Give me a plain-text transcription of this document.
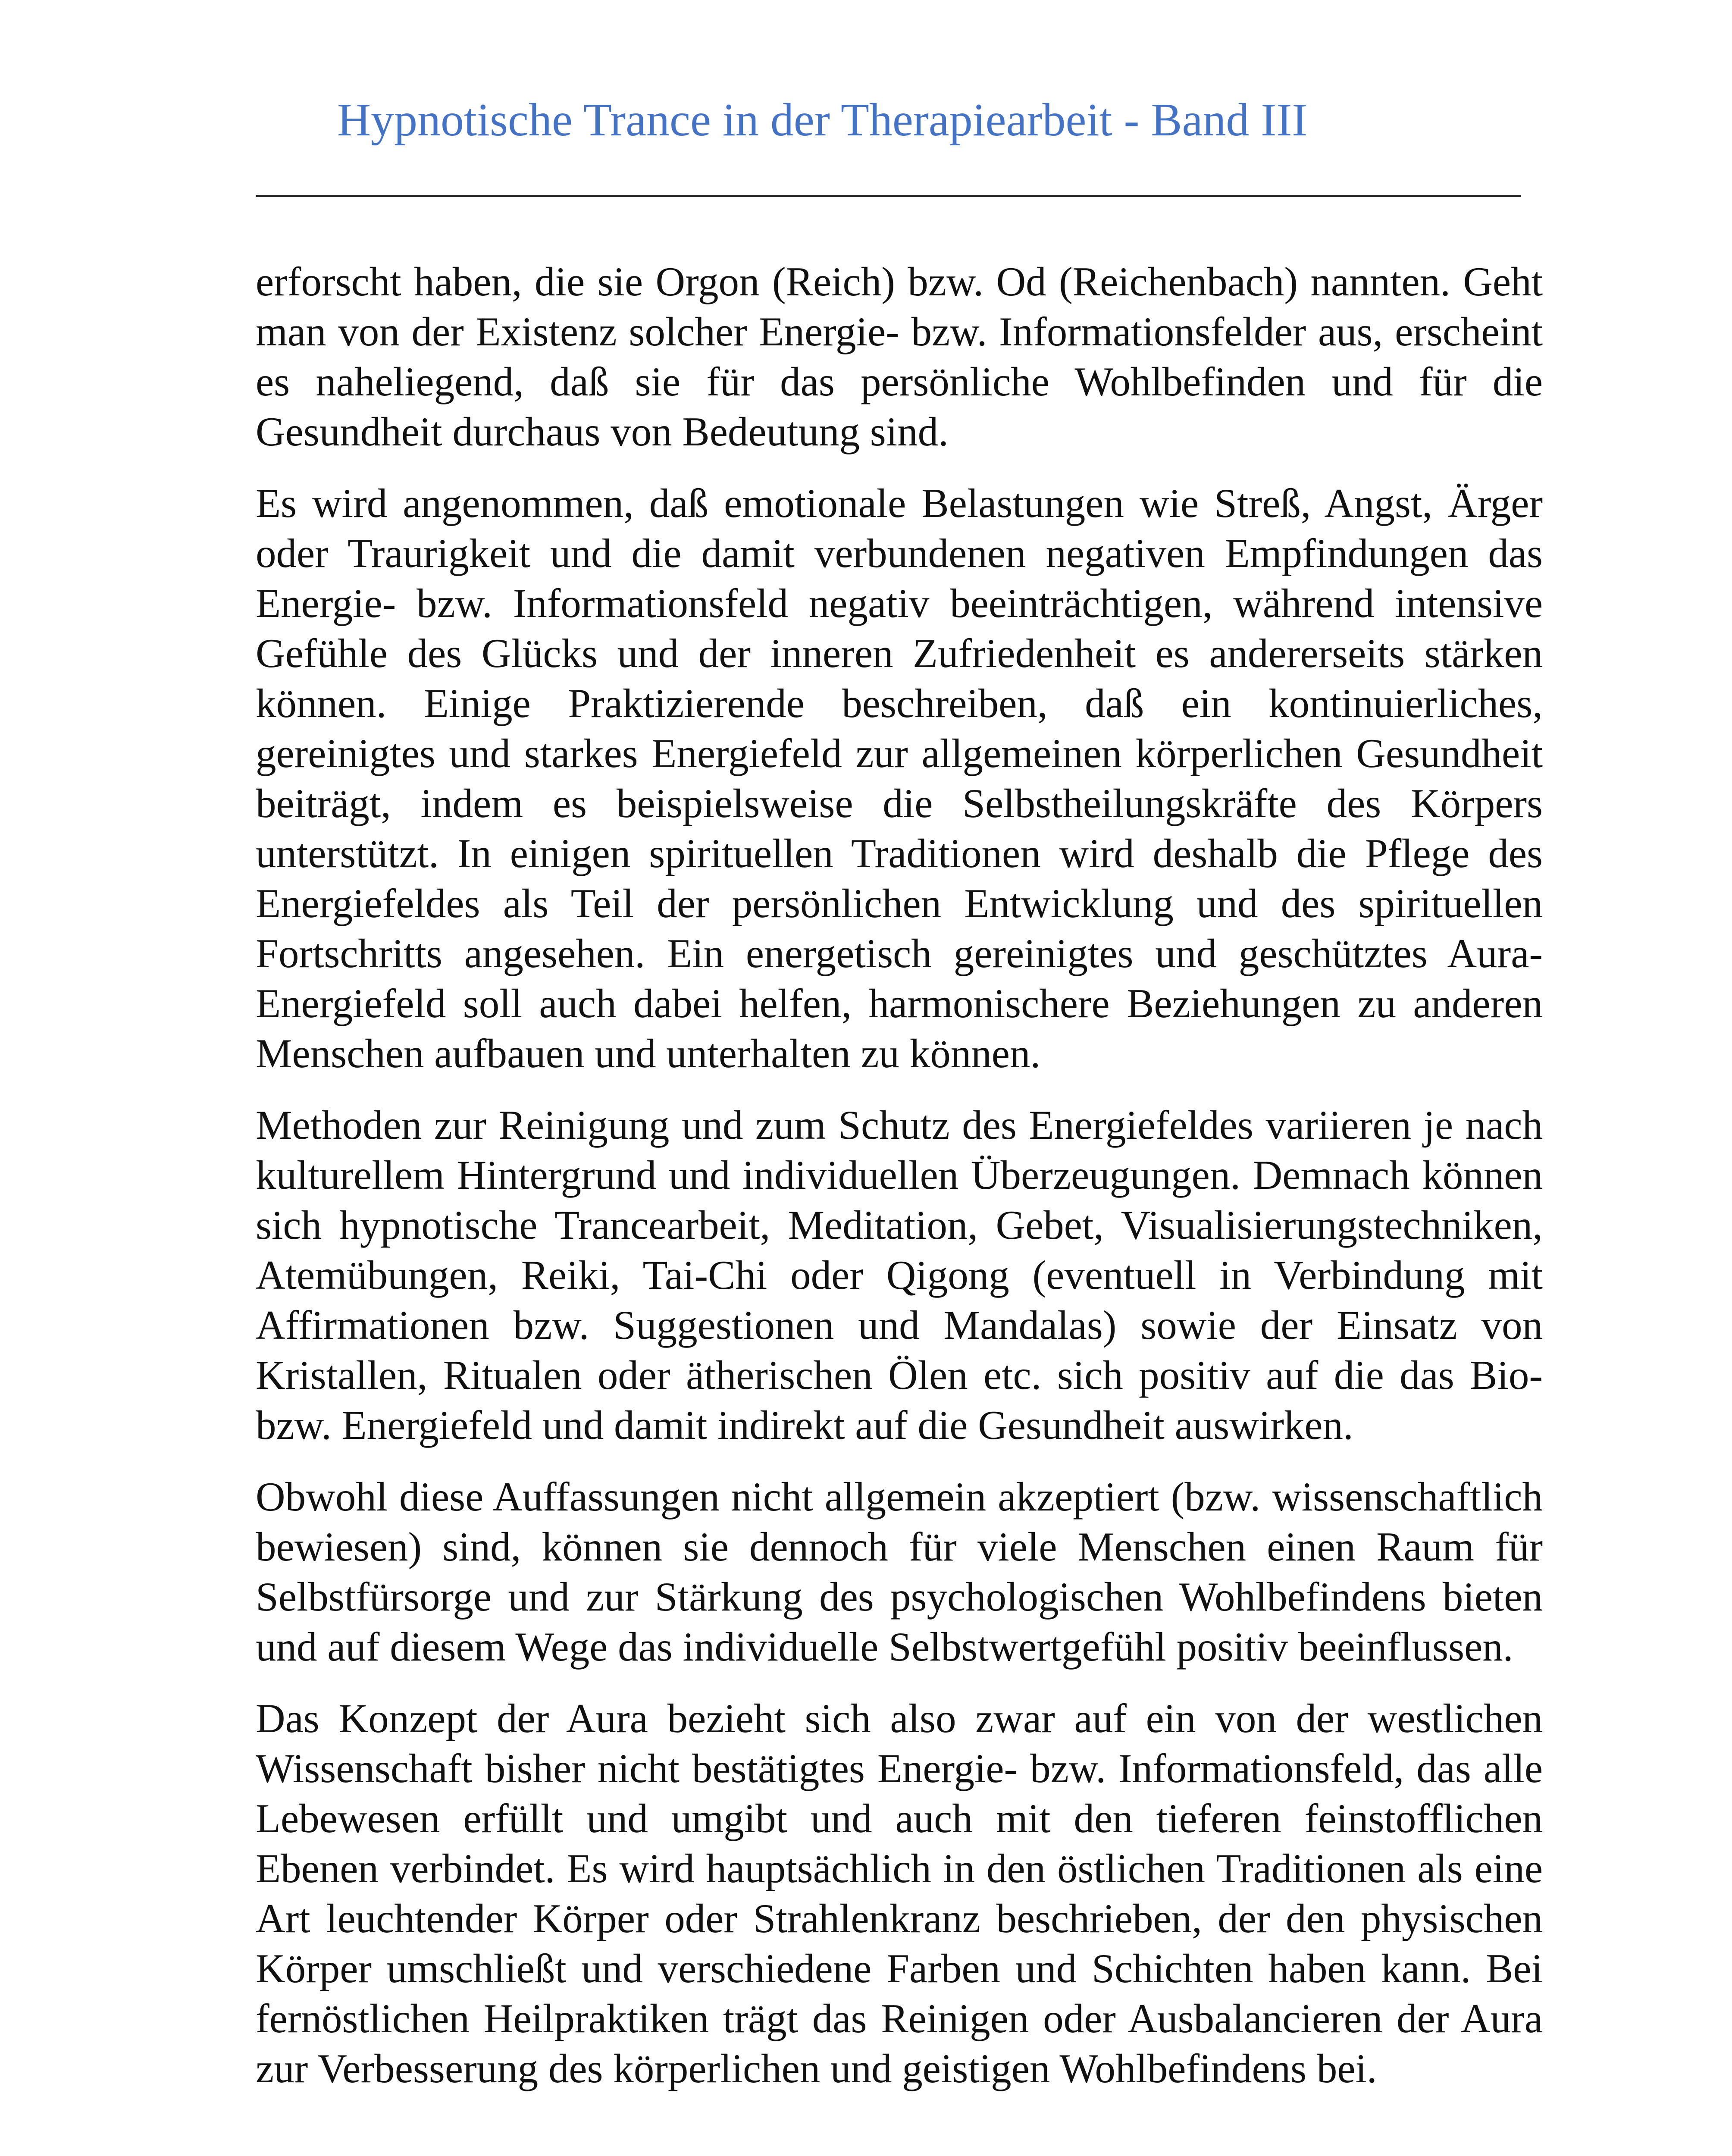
Hypnotische Trance in der Therapiearbeit - Band III

erforscht haben, die sie Orgon (Reich) bzw. Od (Reichenbach) nannten. Geht man von der Existenz solcher Energie- bzw. Informationsfelder aus, erscheint es naheliegend, daß sie für das persönliche Wohlbefinden und für die Gesundheit durchaus von Bedeutung sind.

Es wird angenommen, daß emotionale Belastungen wie Streß, Angst, Ärger oder Traurigkeit und die damit verbundenen negativen Empfindungen das Energie- bzw. Informationsfeld negativ beeinträchtigen, während intensive Gefühle des Glücks und der inneren Zufriedenheit es andererseits stärken können. Einige Praktizierende beschreiben, daß ein kontinuierliches, gereinigtes und starkes Energiefeld zur allgemeinen körperlichen Gesundheit beiträgt, indem es beispielsweise die Selbstheilungskräfte des Körpers unterstützt. In einigen spirituellen Traditionen wird deshalb die Pflege des Energiefeldes als Teil der persönlichen Entwicklung und des spirituellen Fortschritts angesehen. Ein energetisch gereinigtes und geschütztes Aura-Energiefeld soll auch dabei helfen, harmonischere Beziehungen zu anderen Menschen aufbauen und unterhalten zu können.

Methoden zur Reinigung und zum Schutz des Energiefeldes variieren je nach kulturellem Hintergrund und individuellen Überzeugungen. Demnach können sich hypnotische Trancearbeit, Meditation, Gebet, Visualisierungstechniken, Atemübungen, Reiki, Tai-Chi oder Qigong (eventuell in Verbindung mit Affirmationen bzw. Suggestionen und Mandalas) sowie der Einsatz von Kristallen, Ritualen oder ätherischen Ölen etc. sich positiv auf die das Bio- bzw. Energiefeld und damit indirekt auf die Gesundheit auswirken.

Obwohl diese Auffassungen nicht allgemein akzeptiert (bzw. wissenschaftlich bewiesen) sind, können sie dennoch für viele Menschen einen Raum für Selbstfürsorge und zur Stärkung des psychologischen Wohlbefindens bieten und auf diesem Wege das individuelle Selbstwertgefühl positiv beeinflussen.

Das Konzept der Aura bezieht sich also zwar auf ein von der westlichen Wissenschaft bisher nicht bestätigtes Energie- bzw. Informationsfeld, das alle Lebewesen erfüllt und umgibt und auch mit den tieferen feinstofflichen Ebenen verbindet. Es wird hauptsächlich in den östlichen Traditionen als eine Art leuchtender Körper oder Strahlenkranz beschrieben, der den physischen Körper umschließt und verschiedene Farben und Schichten haben kann. Bei fernöstlichen Heilpraktiken trägt das Reinigen oder Ausbalancieren der Aura zur Verbesserung des körperlichen und geistigen Wohlbefindens bei.
